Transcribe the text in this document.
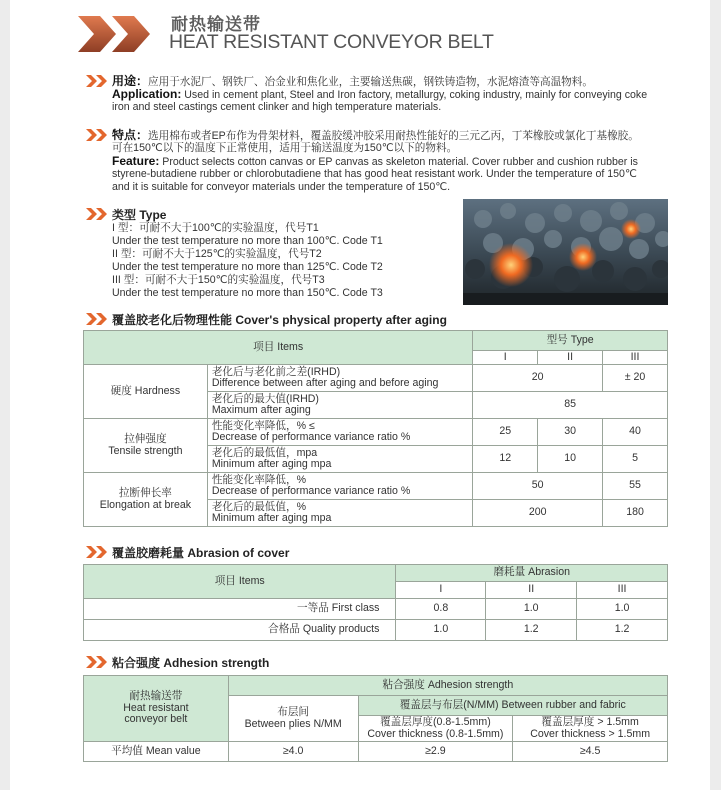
耐热输送带
HEAT RESISTANT CONVEYOR BELT
用途：应用于水泥厂、钢铁厂、冶金业和焦化业，主要输送焦碳，钢铁铸造物，水泥熔渣等高温物料。
Application: Used in cement plant, Steel and Iron factory, metallurgy, coking industry, mainly for conveying coke
iron and steel castings cement clinker and high temperature materials.
特点：选用棉布或者EP布作为骨架材料，覆盖胶缓冲胶采用耐热性能好的三元乙丙，丁苯橡胶或氯化丁基橡胶。
可在150℃以下的温度下正常使用，适用于输送温度为150℃以下的物料。
Feature: Product selects cotton canvas or EP canvas as skeleton material. Cover rubber and cushion rubber is
styrene-butadiene rubber or chlorobutadiene that has good heat resistant work. Under the temperature of 150℃
and it is suitable for conveyor materials under the temperature of 150℃.
类型 Type
I 型：可耐不大于100℃的实验温度，代号T1
Under the test temperature no more than 100℃. Code T1
II 型：可耐不大于125℃的实验温度，代号T2
Under the test temperature no more than 125℃. Code T2
III 型：可耐不大于150℃的实验温度，代号T3
Under the test temperature no more than 150℃. Code T3
覆盖胶老化后物理性能 Cover's physical property after aging
项目 Items		型号 Type		
		I	II	III
硬度 Hardness	老化后与老化前之差(IRHD)
Difference between after aging and before aging	20		± 20
	老化后的最大值(IRHD)
Maximum after aging	85		
拉伸强度
Tensile strength	性能变化率降低，% ≤
Decrease of performance variance ratio %	25	30	40
	老化后的最低值，mpa
Minimum after aging mpa	12	10	5
拉断伸长率
Elongation at break	性能变化率降低，%
Decrease of performance variance ratio %	50		55
	老化后的最低值，%
Minimum after aging mpa	200		180
覆盖胶磨耗量 Abrasion of cover
项目 Items	磨耗量 Abrasion		
	I	II	III
一等品 First class	0.8	1.0	1.0
合格品 Quality products	1.0	1.2	1.2
粘合强度 Adhesion strength
耐热输送带
Heat resistant
conveyor belt	粘合强度 Adhesion strength		
	布层间
Between plies N/MM	覆盖层与布层(N/MM) Between rubber and fabric	
		覆盖层厚度(0.8-1.5mm)
Cover thickness (0.8-1.5mm)	覆盖层厚度 > 1.5mm
Cover thickness > 1.5mm
平均值 Mean value	≥4.0	≥2.9	≥4.5
